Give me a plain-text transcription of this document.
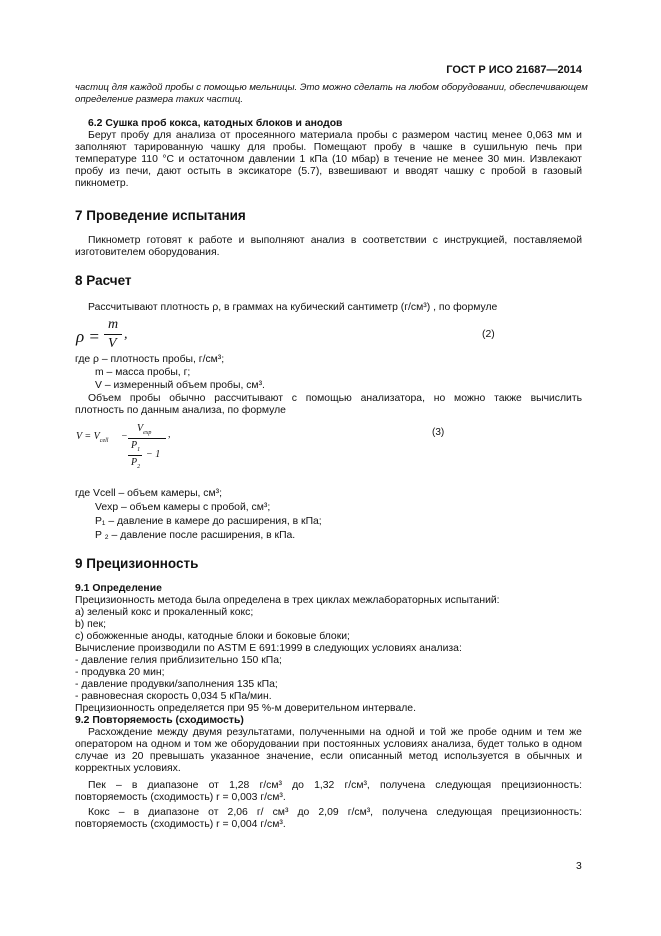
ГОСТ Р ИСО 21687—2014
частиц для каждой пробы с помощью мельницы. Это можно сделать на любом оборудовании, обеспечивающем
определение размера таких частиц.
6.2 Сушка проб кокса, катодных блоков и анодов
Берут пробу для анализа от просеянного материала пробы с размером частиц менее 0,063 мм и
заполняют тарированную чашку для пробы. Помещают пробу в чашке в сушильную печь при
температуре 110 °С и остаточном давлении 1 кПа (10 мбар) в течение не менее 30 мин. Извлекают
пробу из печи, дают остыть в эксикаторе (5.7), взвешивают и вводят чашку с пробой в газовый
пикнометр.
7 Проведение испытания
Пикнометр готовят к работе и выполняют анализ в соответствии с инструкцией, поставляемой
изготовителем оборудования.
8 Расчет
Рассчитывают плотность ρ, в граммах на кубический сантиметр (г/см³) , по формуле
ρ =
m
V
,	(2)
где ρ – плотность пробы, г/см³;
m – масса пробы, г;
V – измеренный объем пробы, см³.
Объем пробы обычно рассчитывают с помощью анализатора, но можно также вычислить
плотность по данным анализа, по формуле
$V = V_{cell}$ −
$V_{exp}$
$P_1 - 1$
$P_2$
,	(3)
где Vcell – объем камеры, см³;
Vexp – объем камеры с пробой, см³;
P₁ – давление в камере до расширения, в кПа;
P ₂ – давление после расширения, в кПа.
9 Прецизионность
9.1 Определение
Прецизионность метода была определена в трех циклах межлабораторных испытаний:
a) зеленый кокс и прокаленный кокс;
b) пек;
c) обожженные аноды, катодные блоки и боковые блоки;
Вычисление производили по ASTM E 691:1999 в следующих условиях анализа:
- давление гелия приблизительно 150 кПа;
- продувка 20 мин;
- давление продувки/заполнения 135 кПа;
- равновесная скорость 0,034 5 кПа/мин.
Прецизионность определяется при 95 %-м доверительном интервале.
9.2 Повторяемость (сходимость)
Расхождение между двумя результатами, полученными на одной и той же пробе одним и тем же
оператором на одном и том же оборудовании при постоянных условиях анализа, будет только в одном
случае из 20 превышать указанное значение, если описанный метод используется в обычных и
корректных условиях.
Пек – в диапазоне от 1,28 г/см³ до 1,32 г/см³, получена следующая прецизионность:
повторяемость (сходимость) r = 0,003 г/см³.
Кокс – в диапазоне от 2,06 г/ см³ до 2,09 г/см³, получена следующая прецизионность:
повторяемость (сходимость) r = 0,004 г/см³.
3
